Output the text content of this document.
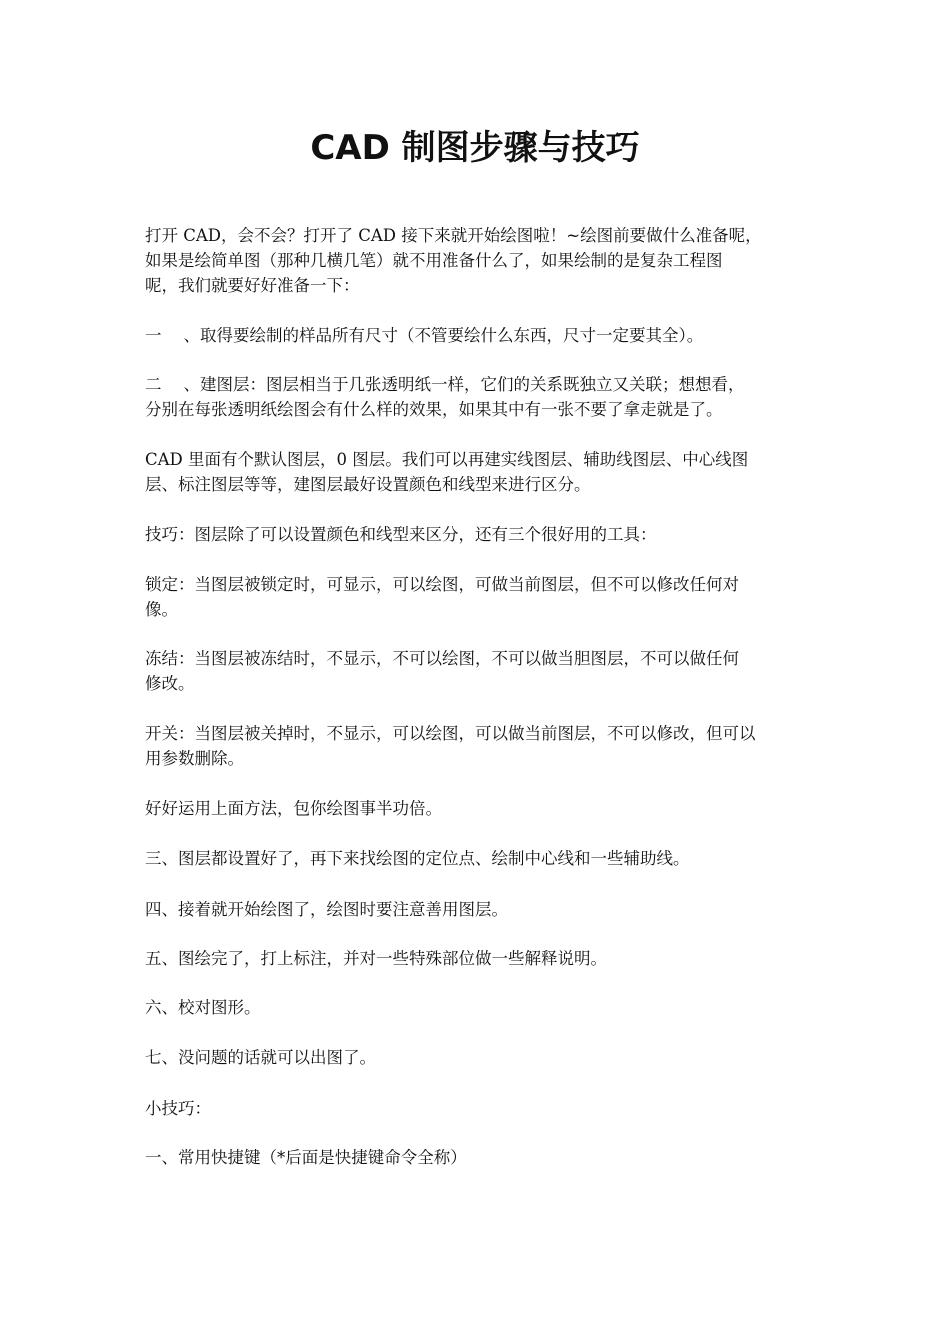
CAD 制图步骤与技巧

打开 CAD，会不会？打开了 CAD 接下来就开始绘图啦！~绘图前要做什么准备呢，
如果是绘简单图（那种几横几笔）就不用准备什么了，如果绘制的是复杂工程图
呢，我们就要好好准备一下：

一 、取得要绘制的样品所有尺寸（不管要绘什么东西，尺寸一定要其全）。

二 、建图层：图层相当于几张透明纸一样，它们的关系既独立又关联；想想看，
分别在每张透明纸绘图会有什么样的效果，如果其中有一张不要了拿走就是了。

CAD 里面有个默认图层，0 图层。我们可以再建实线图层、辅助线图层、中心线图
层、标注图层等等，建图层最好设置颜色和线型来进行区分。

技巧：图层除了可以设置颜色和线型来区分，还有三个很好用的工具：

锁定：当图层被锁定时，可显示，可以绘图，可做当前图层，但不可以修改任何对
像。

冻结：当图层被冻结时，不显示，不可以绘图，不可以做当胆图层，不可以做任何
修改。

开关：当图层被关掉时，不显示，可以绘图，可以做当前图层，不可以修改，但可以
用参数删除。

好好运用上面方法，包你绘图事半功倍。

三、图层都设置好了，再下来找绘图的定位点、绘制中心线和一些辅助线。

四、接着就开始绘图了，绘图时要注意善用图层。

五、图绘完了，打上标注，并对一些特殊部位做一些解释说明。

六、校对图形。

七、没问题的话就可以出图了。

小技巧：

一、常用快捷键（*后面是快捷键命令全称）
